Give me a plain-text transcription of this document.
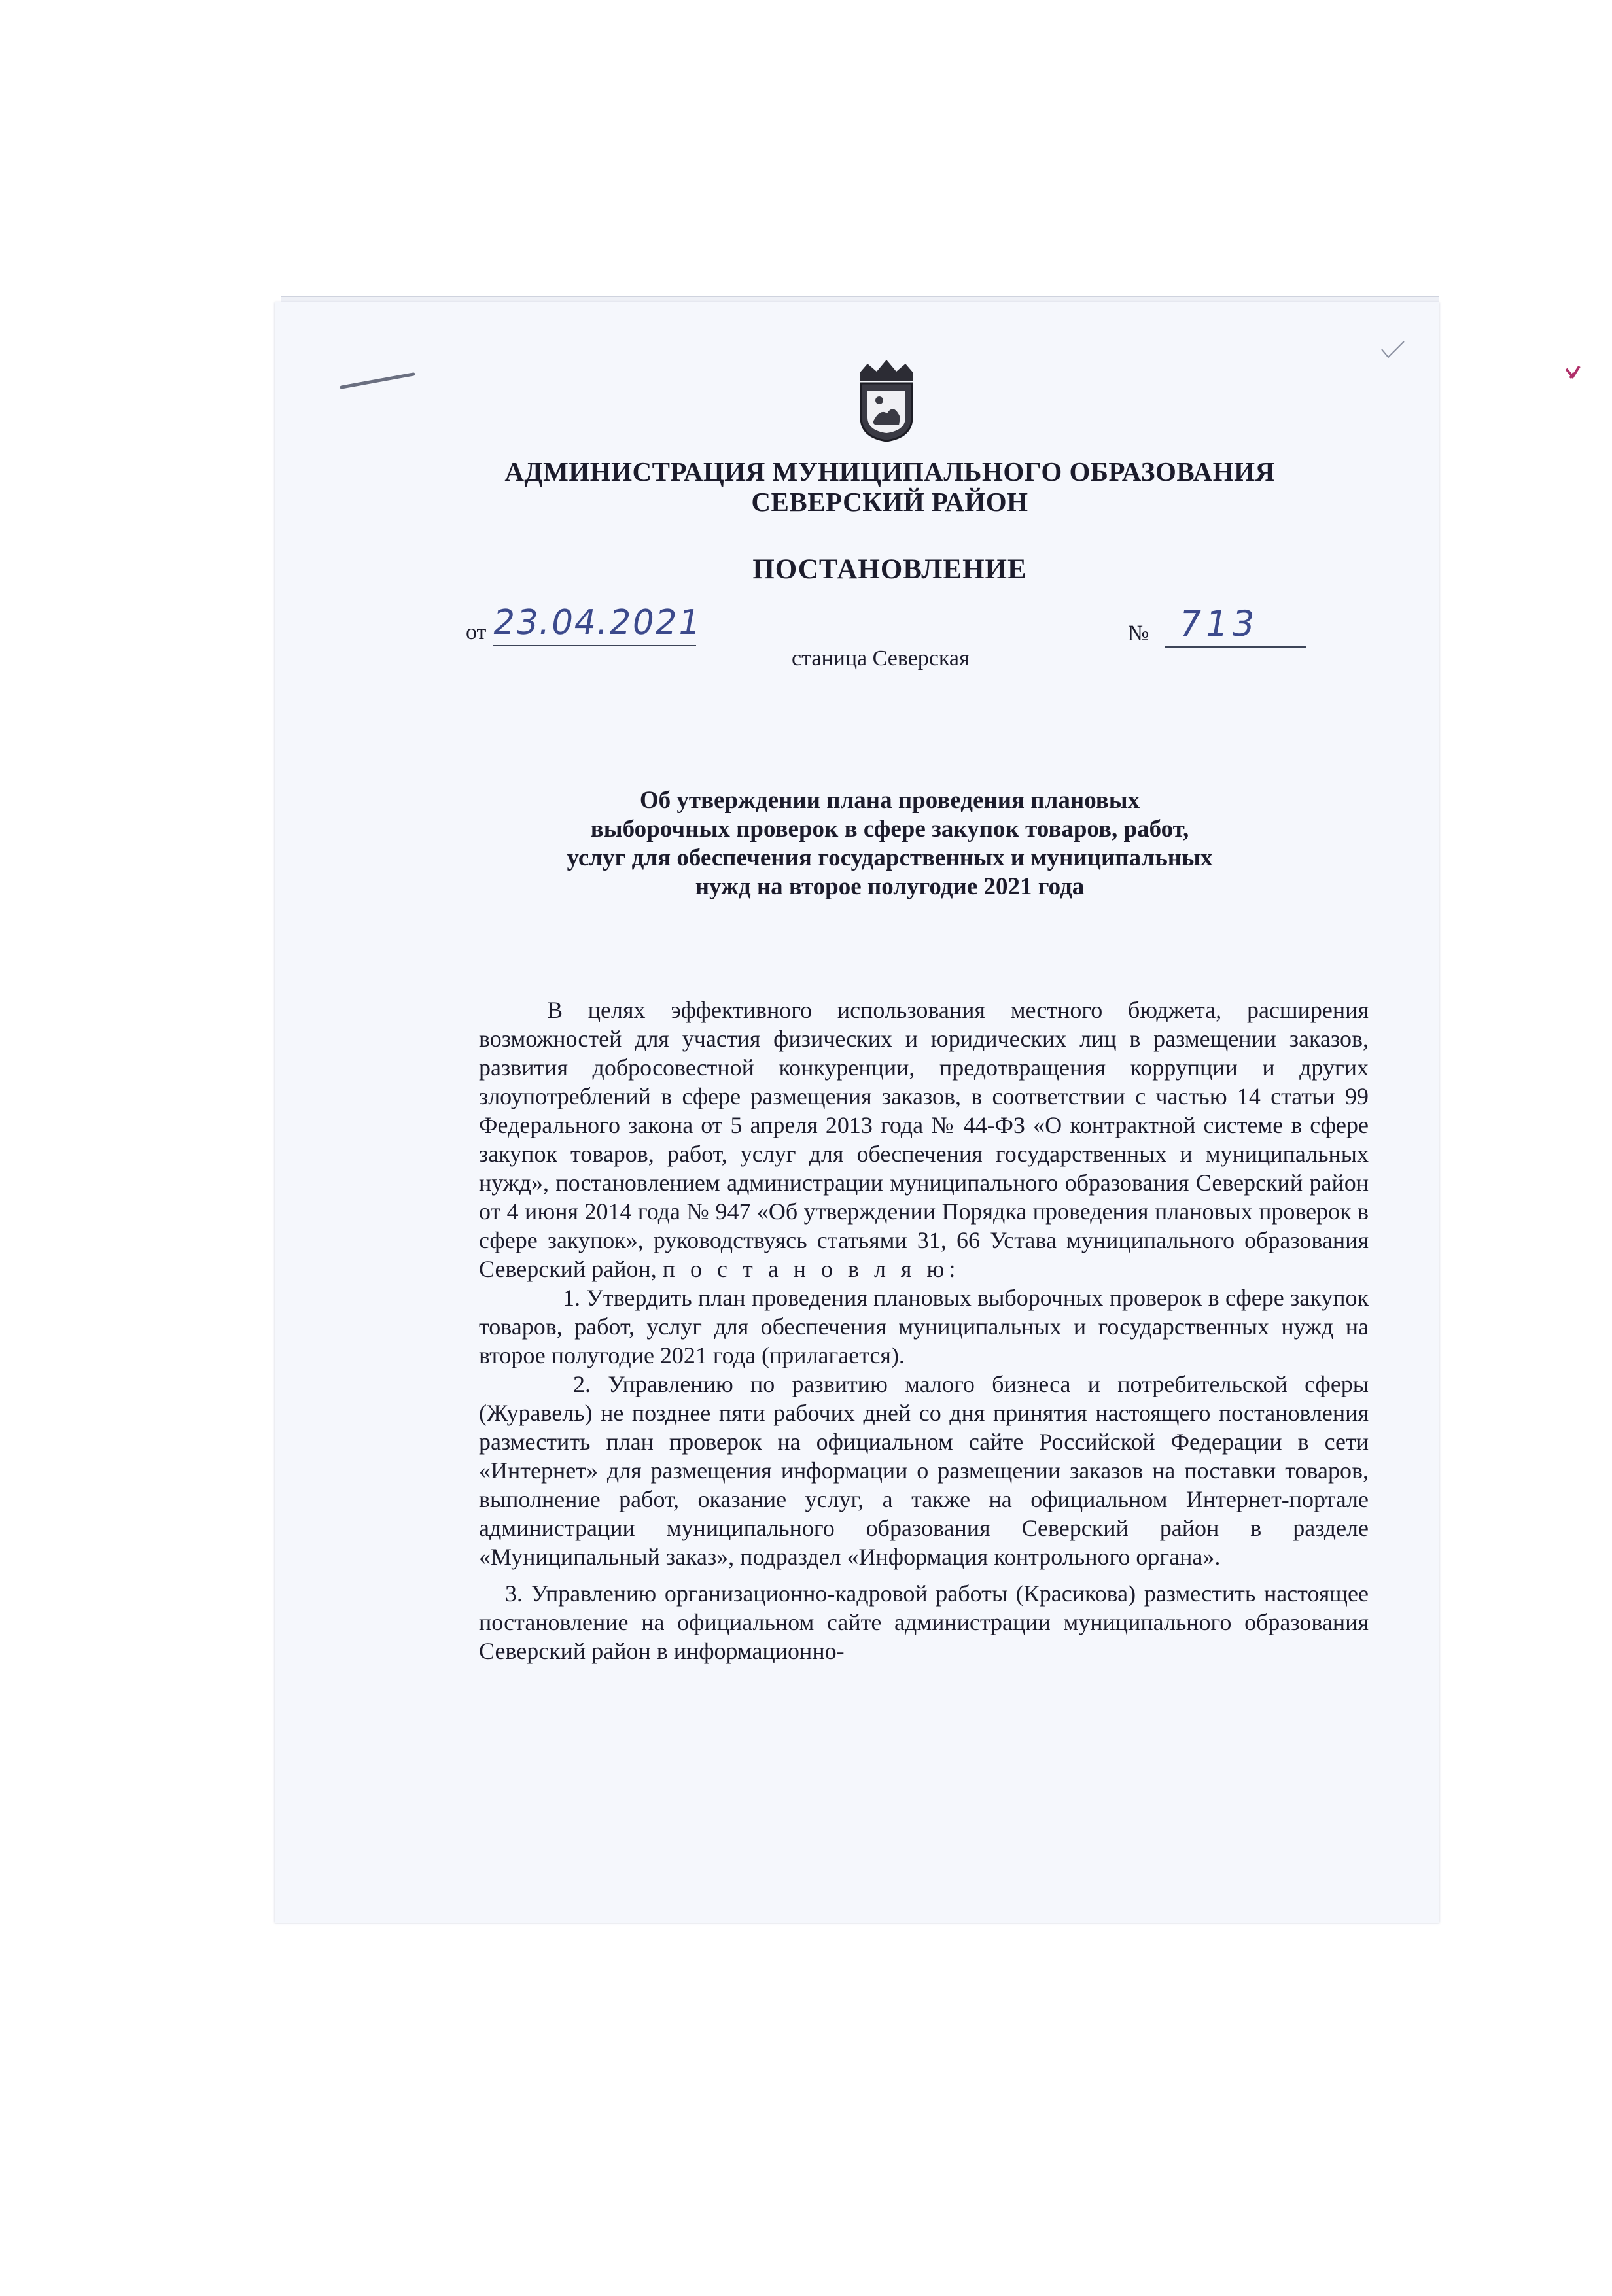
АДМИНИСТРАЦИЯ МУНИЦИПАЛЬНОГО ОБРАЗОВАНИЯ
СЕВЕРСКИЙ РАЙОН
ПОСТАНОВЛЕНИЕ
от 23.04.2021	№ 713
станица Северская
Об утверждении плана проведения плановых
выборочных проверок в сфере закупок товаров, работ,
услуг для обеспечения государственных и муниципальных
нужд на второе полугодие 2021 года

В целях эффективного использования местного бюджета, расширения возможностей для участия физических и юридических лиц в размещении заказов, развития добросовестной конкуренции, предотвращения коррупции и других злоупотреблений в сфере размещения заказов, в соответствии с частью 14 статьи 99 Федерального закона от 5 апреля 2013 года № 44-ФЗ «О контрактной системе в сфере закупок товаров, работ, услуг для обеспечения государственных и муниципальных нужд», постановлением администрации муниципального образования Северский район от 4 июня 2014 года № 947 «Об утверждении Порядка проведения плановых проверок в сфере закупок», руководствуясь статьями 31, 66 Устава муниципального образования Северский район, п о с т а н о в л я ю:

1. Утвердить план проведения плановых выборочных проверок в сфере закупок товаров, работ, услуг для обеспечения муниципальных и государственных нужд на второе полугодие 2021 года (прилагается).

2. Управлению по развитию малого бизнеса и потребительской сферы (Журавель) не позднее пяти рабочих дней со дня принятия настоящего постановления разместить план проверок на официальном сайте Российской Федерации в сети «Интернет» для размещения информации о размещении заказов на поставки товаров, выполнение работ, оказание услуг, а также на официальном Интернет-портале администрации муниципального образования Северский район в разделе «Муниципальный заказ», подраздел «Информация контрольного органа».

3. Управлению организационно-кадровой работы (Красикова) разместить настоящее постановление на официальном сайте администрации муниципального образования Северский район в информационно-
